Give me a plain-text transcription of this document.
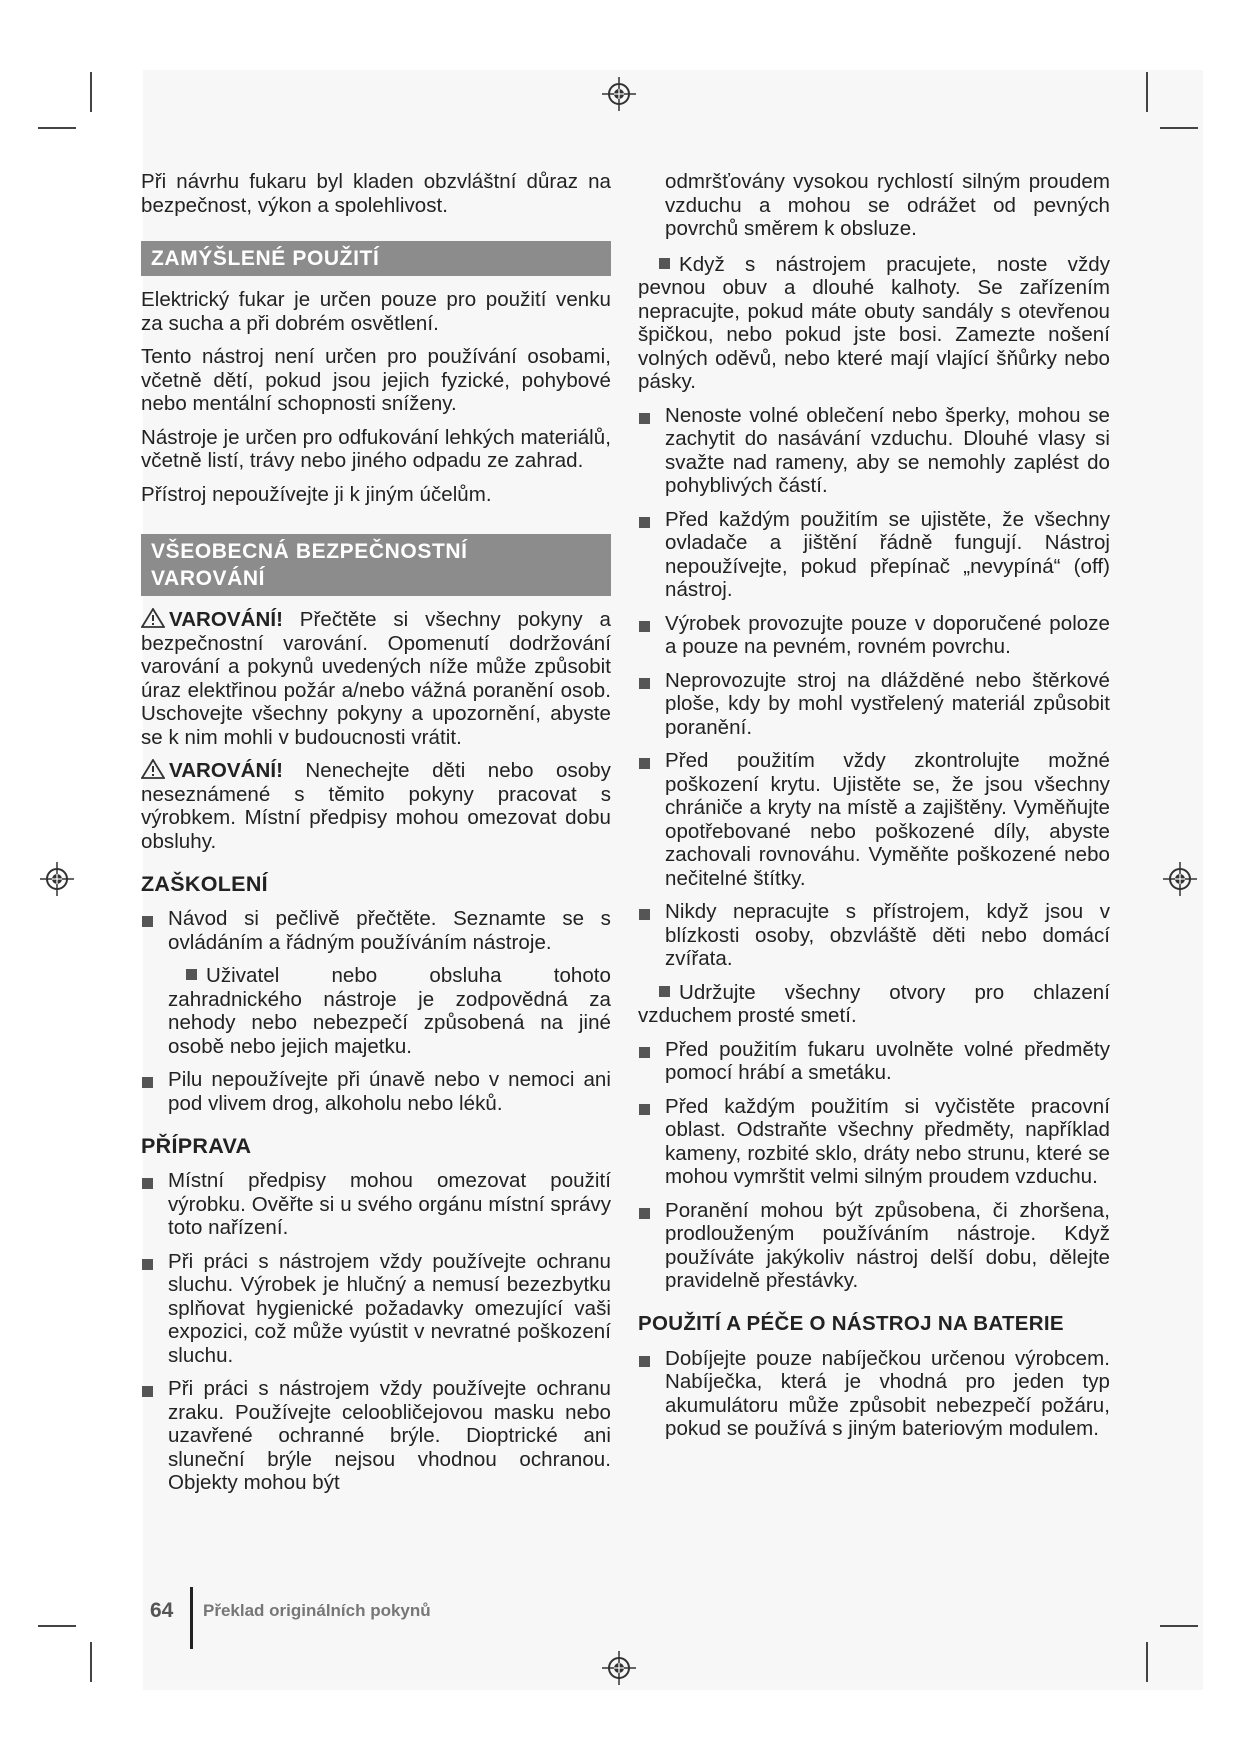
Při návrhu fukaru byl kladen obzvláštní důraz na bezpečnost, výkon a spolehlivost.

ZAMÝŠLENÉ POUŽITÍ

Elektrický fukar je určen pouze pro použití venku za sucha a při dobrém osvětlení.

Tento nástroj není určen pro používání osobami, včetně dětí, pokud jsou jejich fyzické, pohybové nebo mentální schopnosti sníženy.

Nástroje je určen pro odfukování lehkých materiálů, včetně listí, trávy nebo jiného odpadu ze zahrad.

Přístroj nepoužívejte ji k jiným účelům.

VŠEOBECNÁ BEZPEČNOSTNÍ
VAROVÁNÍ

VAROVÁNÍ! Přečtěte si všechny pokyny a bezpečnostní varování. Opomenutí dodržování varování a pokynů uvedených níže může způsobit úraz elektřinou požár a/nebo vážná poranění osob. Uschovejte všechny pokyny a upozornění, abyste se k nim mohli v budoucnosti vrátit.

VAROVÁNÍ! Nenechejte děti nebo osoby neseznámené s těmito pokyny pracovat s výrobkem. Místní předpisy mohou omezovat dobu obsluhy.

ZAŠKOLENÍ

Návod si pečlivě přečtěte. Seznamte se s ovládáním a řádným používáním nástroje.

Uživatel nebo obsluha tohoto zahradnického nástroje je zodpovědná za nehody nebo nebezpečí způsobená na jiné osobě nebo jejich majetku.

Pilu nepoužívejte při únavě nebo v nemoci ani pod vlivem drog, alkoholu nebo léků.

PŘÍPRAVA

Místní předpisy mohou omezovat použití výrobku. Ověřte si u svého orgánu místní správy toto nařízení.

Při práci s nástrojem vždy používejte ochranu sluchu. Výrobek je hlučný a nemusí bezezbytku splňovat hygienické požadavky omezující vaši expozici, což může vyústit v nevratné poškození sluchu.

Při práci s nástrojem vždy používejte ochranu zraku. Používejte celoobličejovou masku nebo uzavřené ochranné brýle. Dioptrické ani sluneční brýle nejsou vhodnou ochranou. Objekty mohou být

odmršťovány vysokou rychlostí silným proudem vzduchu a mohou se odrážet od pevných povrchů směrem k obsluze.

Když s nástrojem pracujete, noste vždy pevnou obuv a dlouhé kalhoty. Se zařízením nepracujte, pokud máte obuty sandály s otevřenou špičkou, nebo pokud jste bosi. Zamezte nošení volných oděvů, nebo které mají vlající šňůrky nebo pásky.

Nenoste volné oblečení nebo šperky, mohou se zachytit do nasávání vzduchu. Dlouhé vlasy si svažte nad rameny, aby se nemohly zaplést do pohyblivých částí.

Před každým použitím se ujistěte, že všechny ovladače a jištění řádně fungují. Nástroj nepoužívejte, pokud přepínač „nevypíná“ (off) nástroj.

Výrobek provozujte pouze v doporučené poloze a pouze na pevném, rovném povrchu.

Neprovozujte stroj na dlážděné nebo štěrkové ploše, kdy by mohl vystřelený materiál způsobit poranění.

Před použitím vždy zkontrolujte možné poškození krytu. Ujistěte se, že jsou všechny chrániče a kryty na místě a zajištěny. Vyměňujte opotřebované nebo poškozené díly, abyste zachovali rovnováhu. Vyměňte poškozené nebo nečitelné štítky.

Nikdy nepracujte s přístrojem, když jsou v blízkosti osoby, obzvláště děti nebo domácí zvířata.

Udržujte všechny otvory pro chlazení vzduchem prosté smetí.

Před použitím fukaru uvolněte volné předměty pomocí hrábí a smetáku.

Před každým použitím si vyčistěte pracovní oblast. Odstraňte všechny předměty, například kameny, rozbité sklo, dráty nebo strunu, které se mohou vymrštit velmi silným proudem vzduchu.

Poranění mohou být způsobena, či zhoršena, prodlouženým používáním nástroje. Když používáte jakýkoliv nástroj delší dobu, dělejte pravidelně přestávky.

POUŽITÍ A PÉČE O NÁSTROJ NA BATERIE

Dobíjejte pouze nabíječkou určenou výrobcem. Nabíječka, která je vhodná pro jeden typ akumulátoru může způsobit nebezpečí požáru, pokud se používá s jiným bateriovým modulem.

64 Překlad originálních pokynů
